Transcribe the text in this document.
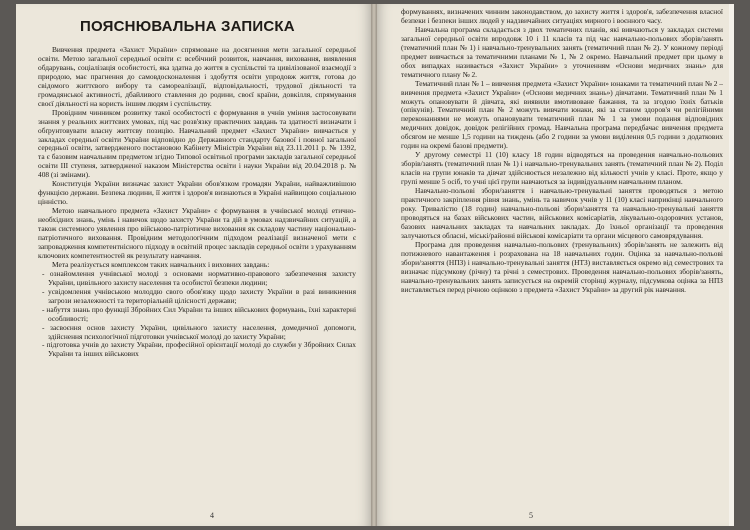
ПОЯСНЮВАЛЬНА ЗАПИСКА

Вивчення предмета «Захист України» спрямоване на досягнення мети загальної середньої освіти. Метою загальної середньої освіти є: всебічний розвиток, навчання, виховання, виявлення обдарувань, соціалізація особистості, яка здатна до життя в суспільстві та цивілізованої взаємодії з природою, має прагнення до самовдосконалення і здобуття освіти упродовж життя, готова до свідомого життєвого вибору та самореалізації, відповідальності, трудової діяльності та громадянської активності, дбайливого ставлення до родини, своєї країни, довкілля, спрямування своєї діяльності на користь іншим людям і суспільству.

Провідним чинником розвитку такої особистості є формування в учнів уміння застосовувати знання у реальних життєвих умовах, під час розв'язку практичних завдань та здатності визначати і обґрунтовувати власну життєву позицію. Навчальний предмет «Захист України» вивчається у закладах середньої освіти України відповідно до Державного стандарту базової і повної загальної середньої освіти, затвердженого постановою Кабінету Міністрів України від 23.11.2011 р. № 1392, та є базовим навчальним предметом згідно Типової освітньої програми закладів загальної середньої освіти ІІІ ступеня, затвердженої наказом Міністерства освіти і науки України від 20.04.2018 р. № 408 (зі змінами).

Конституція України визначає захист України обов'язком громадян України, найважливішою функцією держави. Безпека людини, її життя і здоров'я визнаються в Україні найвищою соціальною цінністю.

Метою навчального предмета «Захист України» є формування в учнівської молоді етично-необхідних знань, умінь і навичок щодо захисту України та дій в умовах надзвичайних ситуацій, а також системного уявлення про військово-патріотичне виховання як складову частину національно-патріотичного виховання. Провідним методологічним підходом реалізації визначеної мети є запровадження компетентнісного підходу в освітній процес закладів середньої освіти з урахуванням ключових компетентностей як результату навчання.

Мета реалізується комплексом таких навчальних і виховних завдань:

- ознайомлення учнівської молоді з основами нормативно-правового забезпечення захисту України, цивільного захисту населення та особистої безпеки людини;
- усвідомлення учнівською молоддю свого обов'язку щодо захисту України в разі виникнення загрози незалежності та територіальній цілісності держави;
- набуття знань про функції Збройних Сил України та інших військових формувань, їхні характерні особливості;
- засвоєння основ захисту України, цивільного захисту населення, домедичної допомоги, здійснення психологічної підготовки учнівської молоді до захисту України;
- підготовка учнів до захисту України, професійної орієнтації молоді до служби у Збройних Силах України та інших військових
4

формуваннях, визначених чинним законодавством, до захисту життя і здоров'я, забезпечення власної безпеки і безпеки інших людей у надзвичайних ситуаціях мирного і воєнного часу.

Навчальна програма складається з двох тематичних планів, які вивчаються у закладах системи загальної середньої освіти впродовж 10 і 11 класів та під час навчально-польових зборів/занять (тематичний план № 1) і навчально-тренувальних занять (тематичний план № 2). У кожному періоді предмет вивчається за тематичними планами № 1, № 2 окремо. Навчальний предмет при цьому в обох випадках називається «Захист України» з уточненням «Основи медичних знань» для тематичного плану № 2.

Тематичний план № 1 – вивчення предмета «Захист України» юнаками та тематичний план № 2 – вивчення предмета «Захист України» («Основи медичних знань») дівчатами. Тематичний план № 1 можуть опановувати й дівчата, які виявили вмотивоване бажання, та за згодою їхніх батьків (опікунів). Тематичний план № 2 можуть вивчати юнаки, які за станом здоров'я чи релігійними переконаннями не можуть опановувати тематичний план № 1 за умови подання відповідних медичних довідок, довідок релігійних громад. Навчальна програма передбачає вивчення предмета обсягом не менше 1,5 години на тиждень (або 2 години за умови виділення 0,5 години з додаткових годин на окремі базові предмети).

У другому семестрі 11 (10) класу 18 годин відводяться на проведення навчально-польових зборів/занять (тематичний план № 1) і навчально-тренувальних занять (тематичний план № 2). Поділ класів на групи юнаків та дівчат здійснюється незалежно від кількості учнів у класі. Проте, якщо у групі менше 5 осіб, то учні цієї групи навчаються за індивідуальним навчальним планом.

Навчально-польові збори/заняття і навчально-тренувальні заняття проводяться з метою практичного закріплення рівня знань, умінь та навичок учнів у 11 (10) класі наприкінці навчального року. Тривалістю (18 годин) навчально-польові збори/заняття та навчально-тренувальні заняття проводяться на базах військових частин, військових комісаріатів, лікувально-оздоровчих установ, базових навчальних закладах та навчальних закладах. До їхньої організації та проведення залучаються обласні, міські/районні військові комісаріати та органи місцевого самоврядування.

Програма для проведення навчально-польових (тренувальних) зборів/занять не залежить від потижневого навантаження і розрахована на 18 навчальних годин. Оцінка за навчально-польові збори/заняття (НПЗ) і навчально-тренувальні заняття (НТЗ) виставляється окремо від семестрових та визначає підсумкову (річну) та річні з семестрових. Проведення навчально-польових зборів/занять, навчально-тренувальних занять записується на окремій сторінці журналу, підсумкова оцінка за НПЗ виставляється перед річною оцінкою з предмета «Захист України» за другий рік навчання.

5
